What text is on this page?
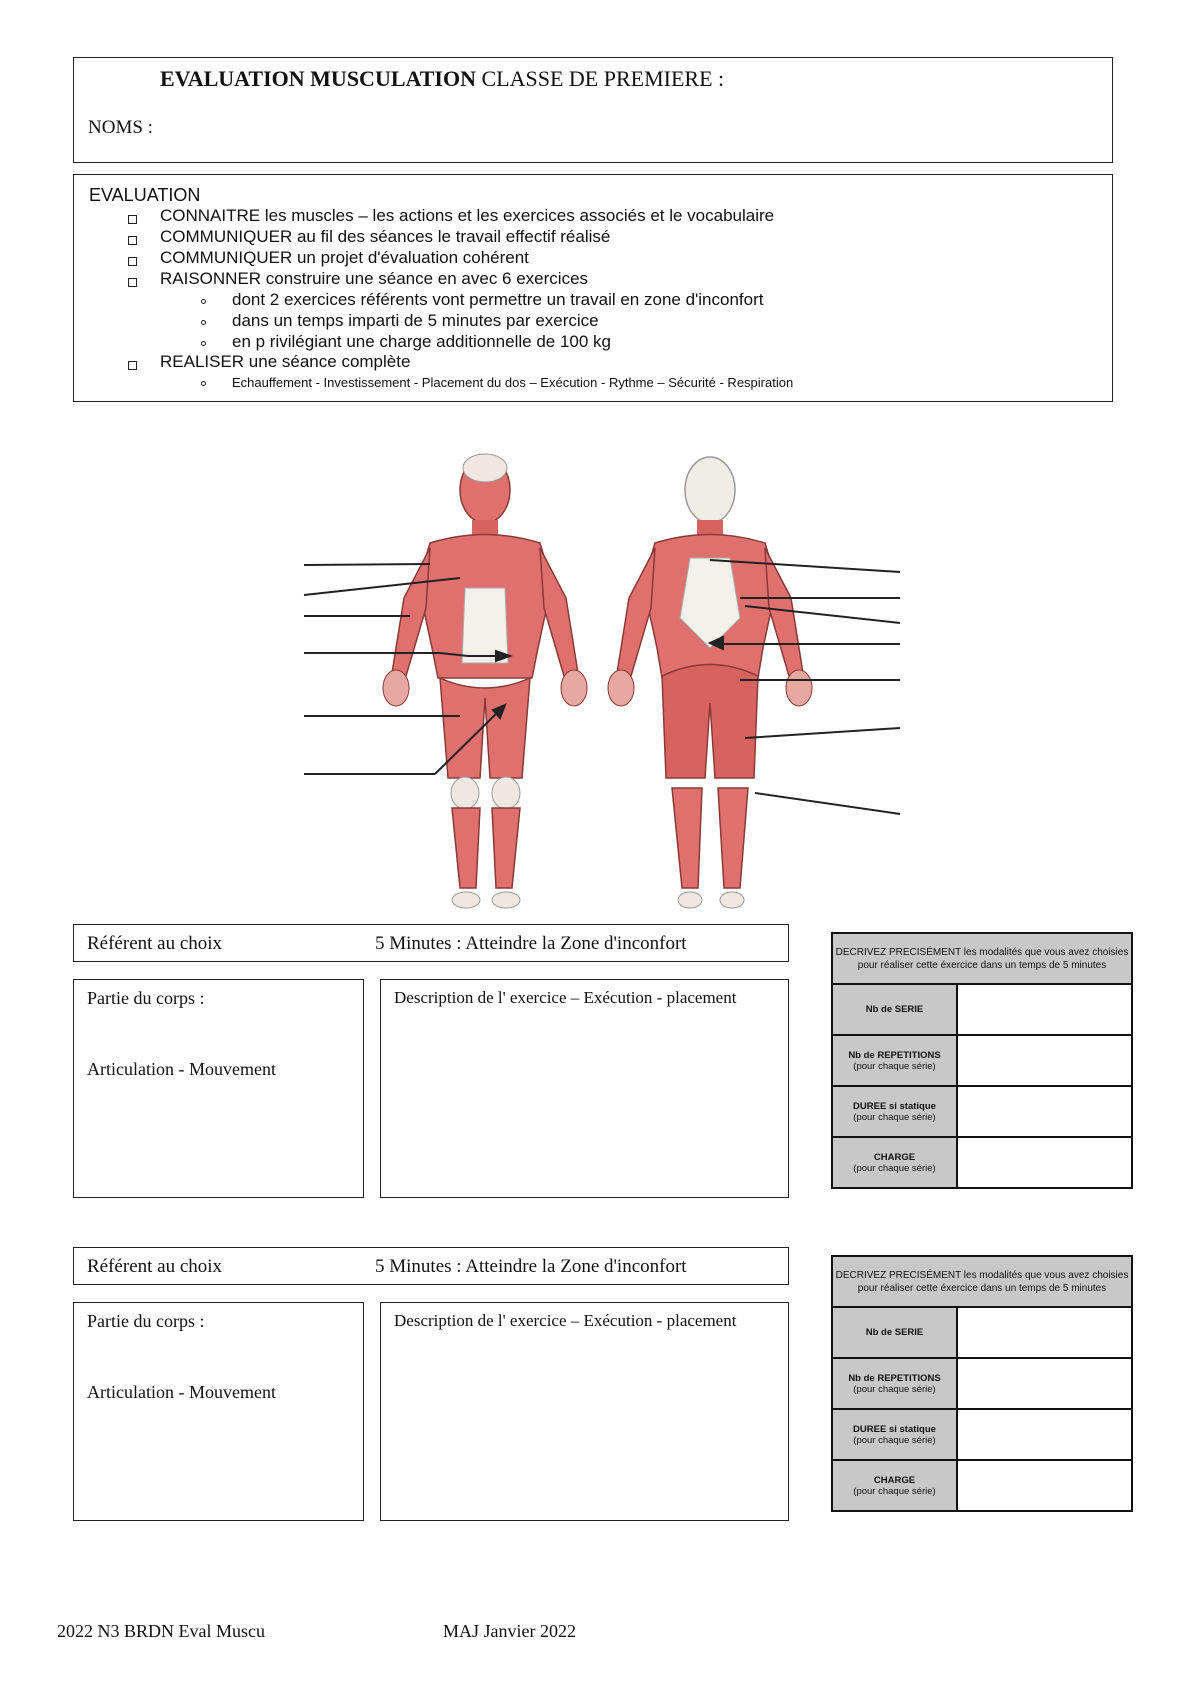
EVALUATION MUSCULATION CLASSE DE PREMIERE :
NOMS :
EVALUATION
CONNAITRE les muscles – les actions et les exercices associés et le vocabulaire
COMMUNIQUER au fil des séances le travail effectif réalisé
COMMUNIQUER un projet d'évaluation cohérent
RAISONNER construire une séance en avec 6 exercices
dont 2 exercices référents vont permettre un travail en zone d'inconfort
dans un temps imparti de 5 minutes par exercice
en p rivilégiant une charge additionnelle de 100 kg
REALISER une séance complète
Echauffement - Investissement - Placement du dos – Exécution - Rythme – Sécurité - Respiration
Référent au choix	5 Minutes : Atteindre la Zone d'inconfort
Partie du corps :
Articulation - Mouvement
Description de l' exercice – Exécution - placement
DECRIVEZ PRECISÉMENT les modalités que vous avez choisies pour réaliser cette éxercice dans un temps de 5 minutes	
Nb de SERIE

Nb de REPETITIONS
(pour chaque série)	

DUREE si statique
(pour chaque série)	

CHARGE
(pour chaque série)	

Référent au choix	5 Minutes : Atteindre la Zone d'inconfort
Partie du corps :
Articulation - Mouvement
Description de l' exercice – Exécution - placement
DECRIVEZ PRECISÉMENT les modalités que vous avez choisies pour réaliser cette éxercice dans un temps de 5 minutes	
Nb de SERIE

Nb de REPETITIONS
(pour chaque série)	

DUREE si statique
(pour chaque série)	

CHARGE
(pour chaque série)	

2022 N3 BRDN Eval Muscu	MAJ Janvier 2022
